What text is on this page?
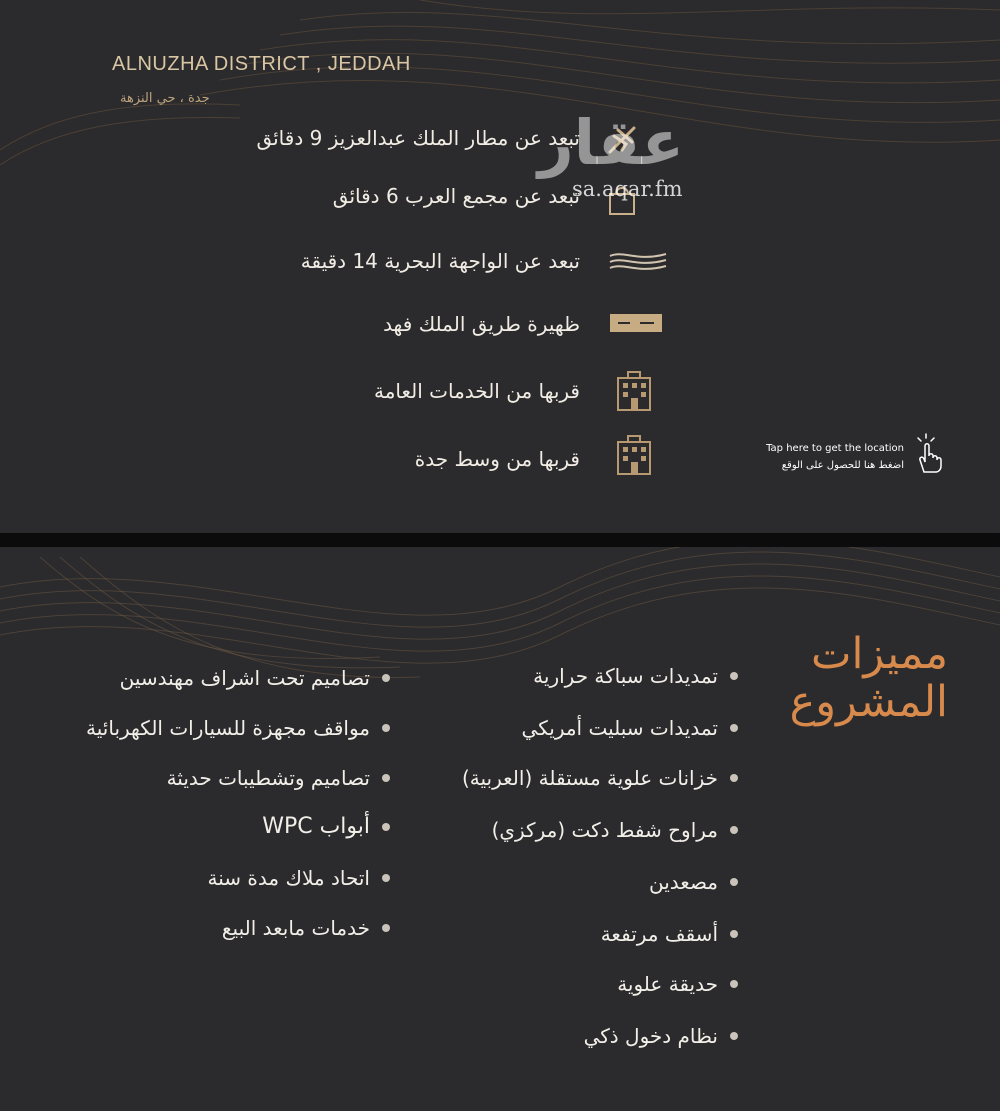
ALNUZHA DISTRICT , JEDDAH
جدة ، حي النزهة
تبعد عن مطار الملك عبدالعزيز 9 دقائق
تبعد عن مجمع العرب 6 دقائق
تبعد عن الواجهة البحرية 14 دقيقة
ظهيرة طريق الملك فهد
قربها من الخدمات العامة
قربها من وسط جدة
عقار
sa.aqar.fm
Tap here to get the location
اضغط هنا للحصول على الوقع
مميزات
المشروع
تمديدات سباكة حرارية
تمديدات سبليت أمريكي
خزانات علوية مستقلة (العربية)
مراوح شفط دكت (مركزي)
مصعدين
أسقف مرتفعة
حديقة علوية
نظام دخول ذكي
تصاميم تحت اشراف مهندسين
مواقف مجهزة للسيارات الكهربائية
تصاميم وتشطيبات حديثة
أبواب WPC
اتحاد ملاك مدة سنة
خدمات مابعد البيع
